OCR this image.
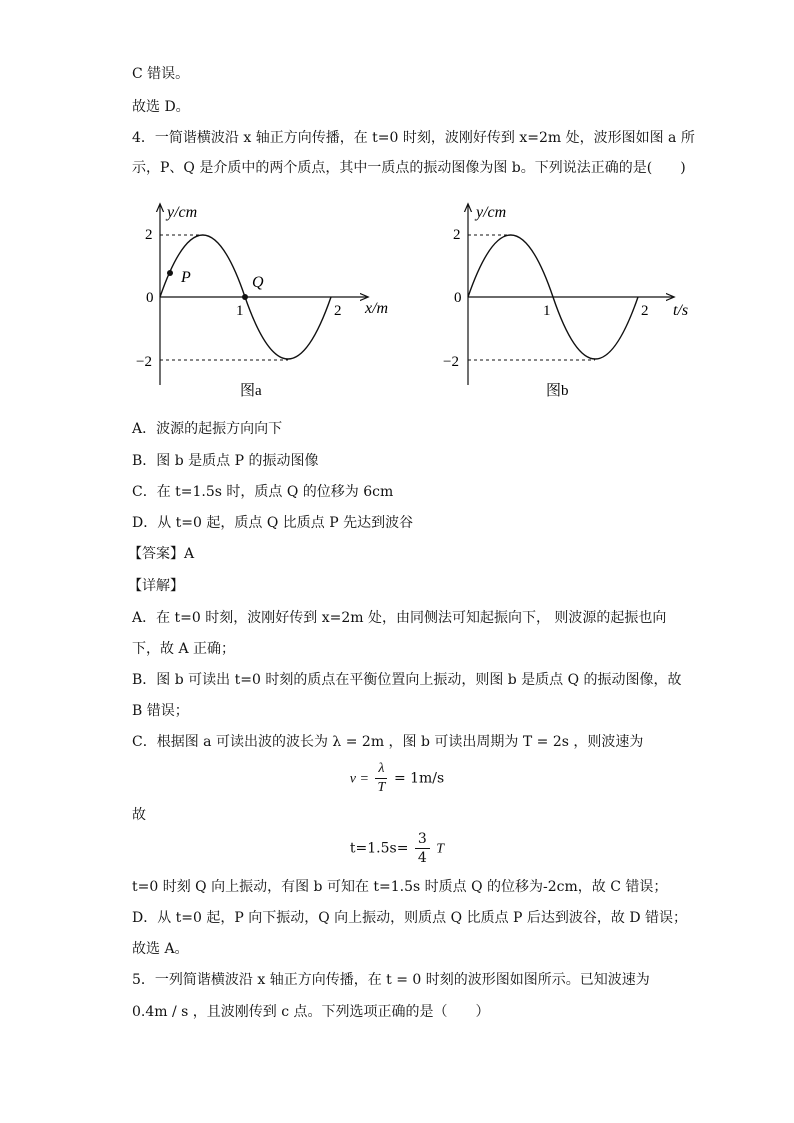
C 错误。
故选 D。
4．一简谐横波沿 x 轴正方向传播，在 t=0 时刻，波刚好传到 x=2m 处，波形图如图 a 所
示，P、Q 是介质中的两个质点，其中一质点的振动图像为图 b。下列说法正确的是(　　)
y/cm
x/m
2
−2
0
1	2
P	Q
图a
y/cm
t/s
2
−2
0
1	2
图b
A．波源的起振方向向下
B．图 b 是质点 P 的振动图像
C．在 t=1.5s 时，质点 Q 的位移为 6cm
D．从 t=0 起，质点 Q 比质点 P 先达到波谷
【答案】A
【详解】
A．在 t=0 时刻，波刚好传到 x=2m 处，由同侧法可知起振向下， 则波源的起振也向
下，故 A 正确；
B．图 b 可读出 t=0 时刻的质点在平衡位置向上振动，则图 b 是质点 Q 的振动图像，故
B 错误；
C．根据图 a 可读出波的波长为 λ = 2m ，图 b 可读出周期为 T = 2s ，则波速为
$v = \frac{\lambda}{T} = 1m/s$
故
$t=1.5s= \frac{3}{4}$ T
t=0 时刻 Q 向上振动，有图 b 可知在 t=1.5s 时质点 Q 的位移为-2cm，故 C 错误；
D．从 t=0 起，P 向下振动，Q 向上振动，则质点 Q 比质点 P 后达到波谷，故 D 错误；
故选 A。
5．一列简谐横波沿 x 轴正方向传播，在 t = 0 时刻的波形图如图所示。已知波速为
0.4m / s ，且波刚传到 c 点。下列选项正确的是（　　）
